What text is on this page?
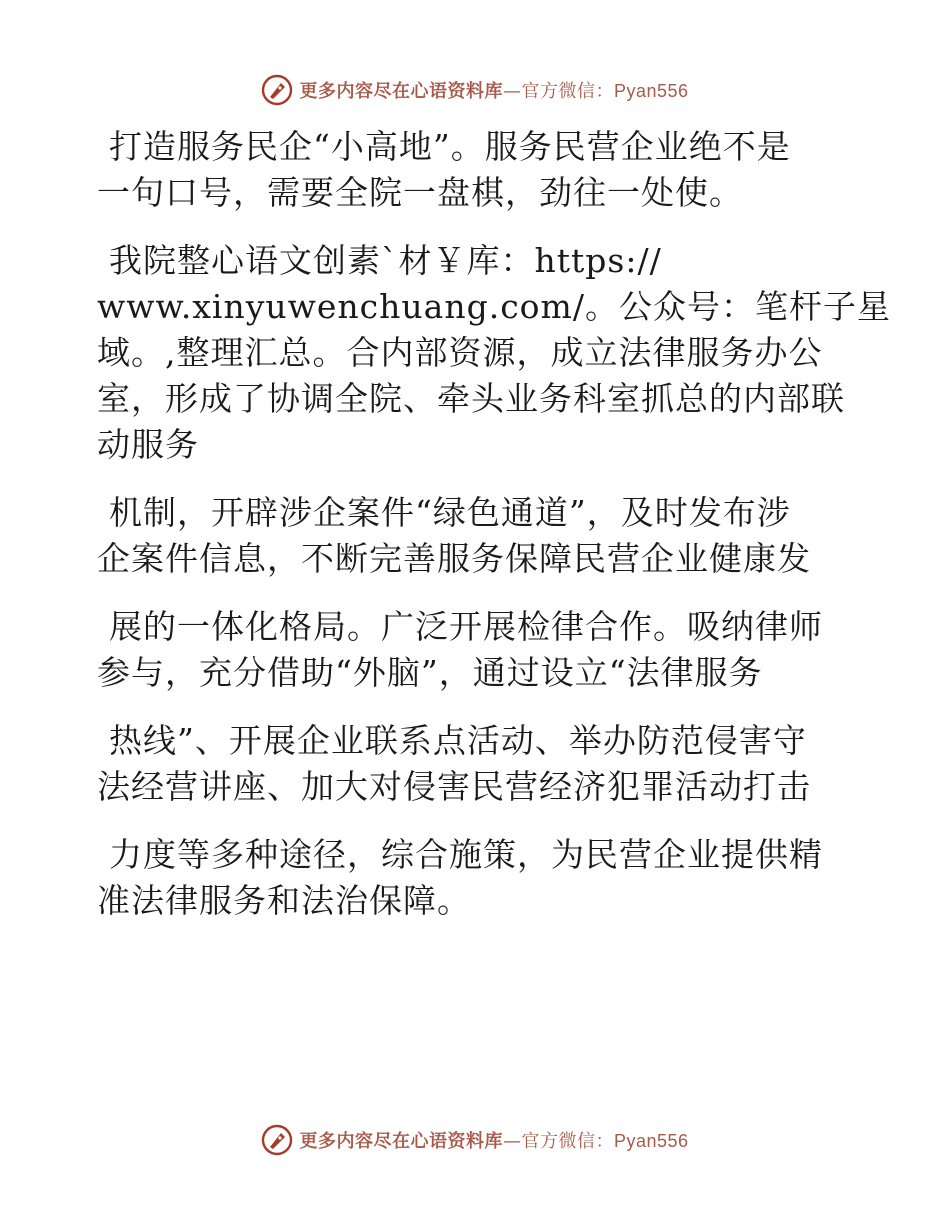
更多内容尽在心语资料库—官方微信：Pyan556
打造服务民企“小高地”。服务民营企业绝不是
一句口号，需要全院一盘棋，劲往一处使。
我院整心语文创素`材￥库：https://
www.xinyuwenchuang.com/。公众号：笔杆子星
域。,整理汇总。合内部资源，成立法律服务办公
室，形成了协调全院、牵头业务科室抓总的内部联
动服务
机制，开辟涉企案件“绿色通道”，及时发布涉
企案件信息，不断完善服务保障民营企业健康发
展的一体化格局。广泛开展检律合作。吸纳律师
参与，充分借助“外脑”，通过设立“法律服务
热线”、开展企业联系点活动、举办防范侵害守
法经营讲座、加大对侵害民营经济犯罪活动打击
力度等多种途径，综合施策，为民营企业提供精
准法律服务和法治保障。
更多内容尽在心语资料库—官方微信：Pyan556
